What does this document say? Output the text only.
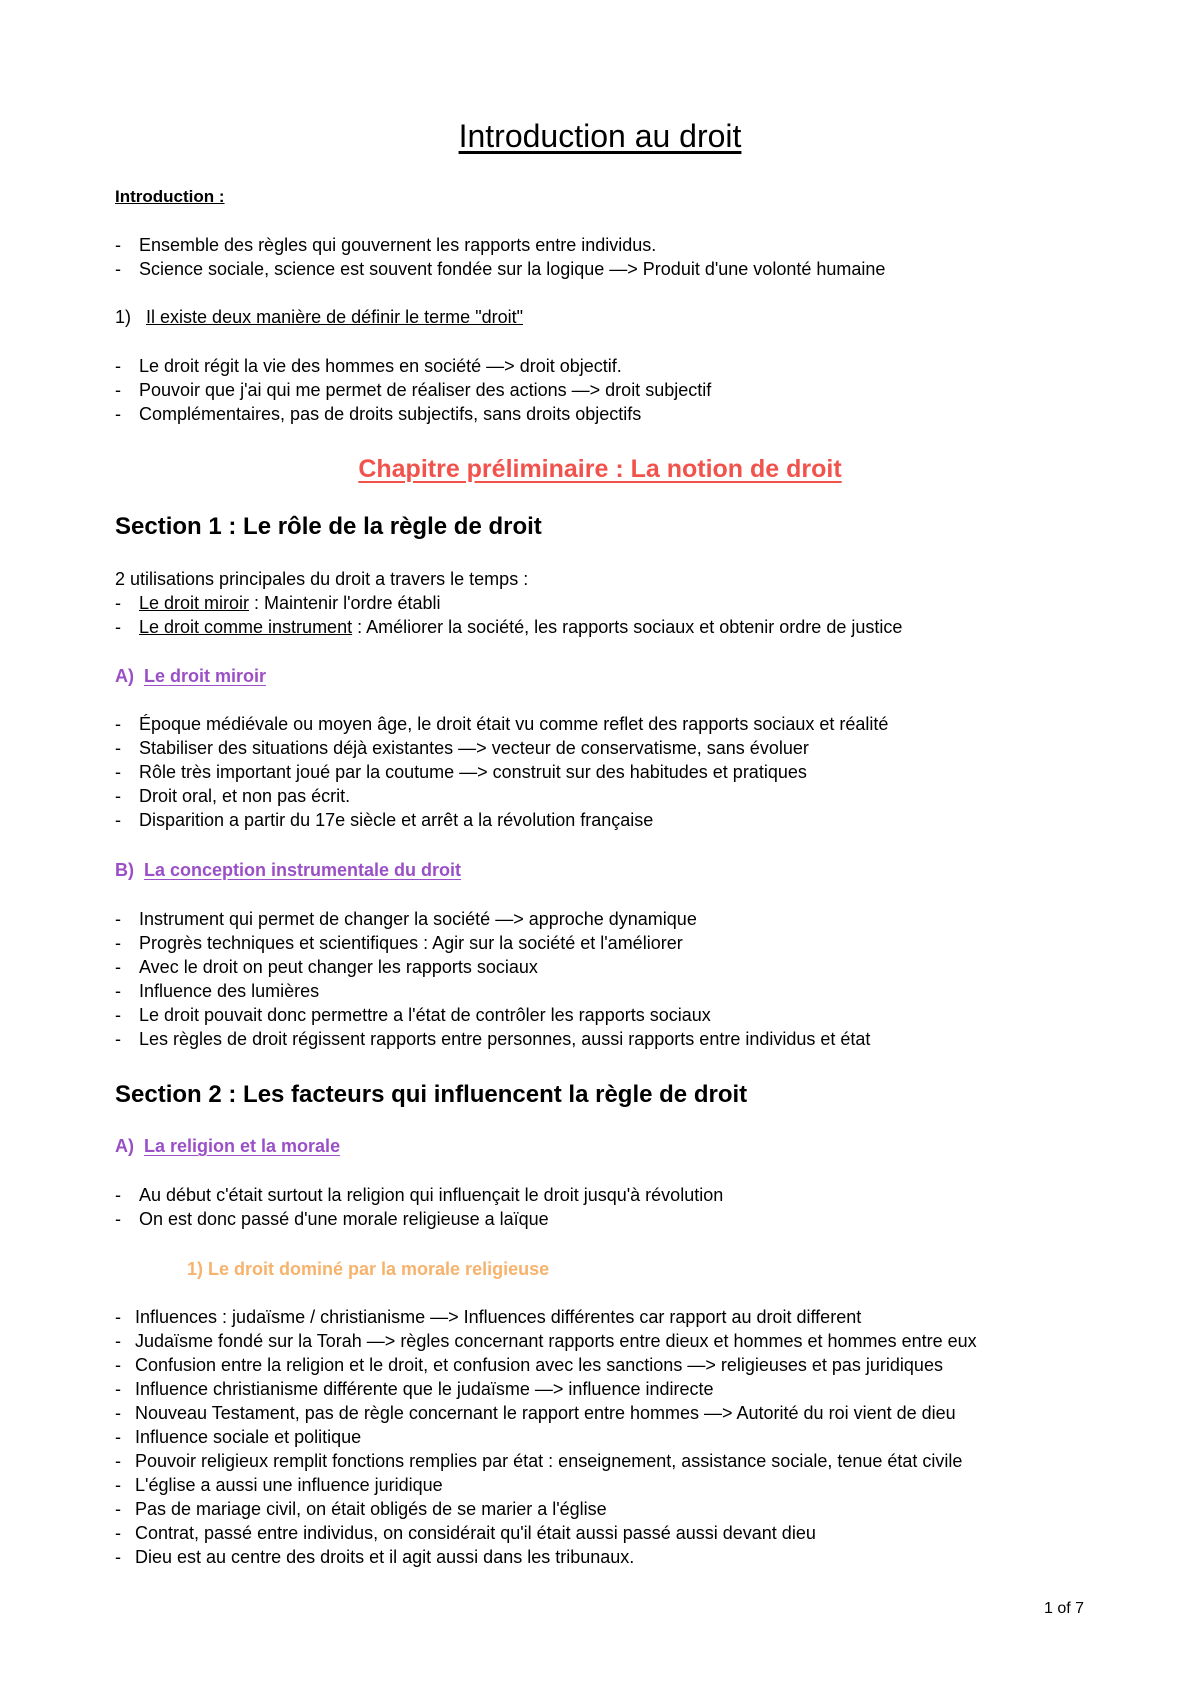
Introduction au droit
Introduction :
- Ensemble des règles qui gouvernent les rapports entre individus.
- Science sociale, science est souvent fondée sur la logique —> Produit d'une volonté humaine
1) Il existe deux manière de définir le terme "droit"
- Le droit régit la vie des hommes en société —> droit objectif.
- Pouvoir que j'ai qui me permet de réaliser des actions —> droit subjectif
- Complémentaires, pas de droits subjectifs, sans droits objectifs
Chapitre préliminaire : La notion de droit
Section 1 : Le rôle de la règle de droit
2 utilisations principales du droit a travers le temps :
- Le droit miroir : Maintenir l'ordre établi
- Le droit comme instrument : Améliorer la société, les rapports sociaux et obtenir ordre de justice
A) Le droit miroir
- Époque médiévale ou moyen âge, le droit était vu comme reflet des rapports sociaux et réalité
- Stabiliser des situations déjà existantes —> vecteur de conservatisme, sans évoluer
- Rôle très important joué par la coutume —> construit sur des habitudes et pratiques
- Droit oral, et non pas écrit.
- Disparition a partir du 17e siècle et arrêt a la révolution française
B) La conception instrumentale du droit
- Instrument qui permet de changer la société —> approche dynamique
- Progrès techniques et scientifiques : Agir sur la société et l'améliorer
- Avec le droit on peut changer les rapports sociaux
- Influence des lumières
- Le droit pouvait donc permettre a l'état de contrôler les rapports sociaux
- Les règles de droit régissent rapports entre personnes, aussi rapports entre individus et état
Section 2 : Les facteurs qui influencent la règle de droit
A) La religion et la morale
- Au début c'était surtout la religion qui influençait le droit jusqu'à révolution
- On est donc passé d'une morale religieuse a laïque
1) Le droit dominé par la morale religieuse
- Influences : judaïsme / christianisme —> Influences différentes car rapport au droit different
- Judaïsme fondé sur la Torah —> règles concernant rapports entre dieux et hommes et hommes entre eux
- Confusion entre la religion et le droit, et confusion avec les sanctions —> religieuses et pas juridiques
- Influence christianisme différente que le judaïsme —> influence indirecte
- Nouveau Testament, pas de règle concernant le rapport entre hommes —> Autorité du roi vient de dieu
- Influence sociale et politique
- Pouvoir religieux remplit fonctions remplies par état : enseignement, assistance sociale, tenue état civile
- L'église a aussi une influence juridique
- Pas de mariage civil, on était obligés de se marier a l'église
- Contrat, passé entre individus, on considérait qu'il était aussi passé aussi devant dieu
- Dieu est au centre des droits et il agit aussi dans les tribunaux.
1 of 7
